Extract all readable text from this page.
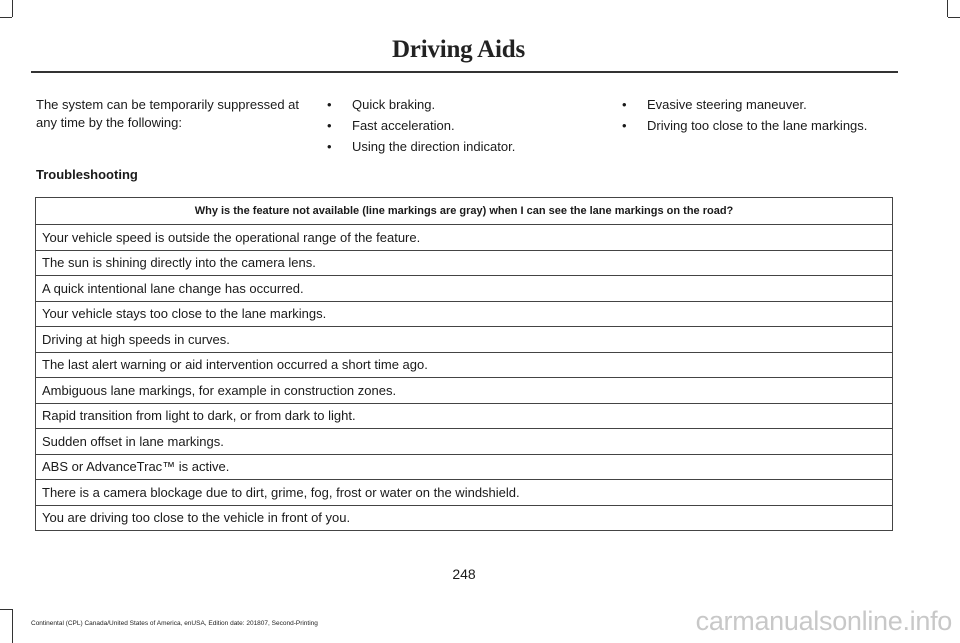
Driving Aids

The system can be temporarily suppressed at any time by the following:

• Quick braking.
• Fast acceleration.
• Using the direction indicator.
• Evasive steering maneuver.
• Driving too close to the lane markings.
Troubleshooting
Why is the feature not available (line markings are gray) when I can see the lane markings on the road?
Your vehicle speed is outside the operational range of the feature.
The sun is shining directly into the camera lens.
A quick intentional lane change has occurred.
Your vehicle stays too close to the lane markings.
Driving at high speeds in curves.
The last alert warning or aid intervention occurred a short time ago.
Ambiguous lane markings, for example in construction zones.
Rapid transition from light to dark, or from dark to light.
Sudden offset in lane markings.
ABS or AdvanceTrac™ is active.
There is a camera blockage due to dirt, grime, fog, frost or water on the windshield.
You are driving too close to the vehicle in front of you.
248
Continental (CPL) Canada/United States of America, enUSA, Edition date: 201807, Second-Printing	carmanualsonline.info
